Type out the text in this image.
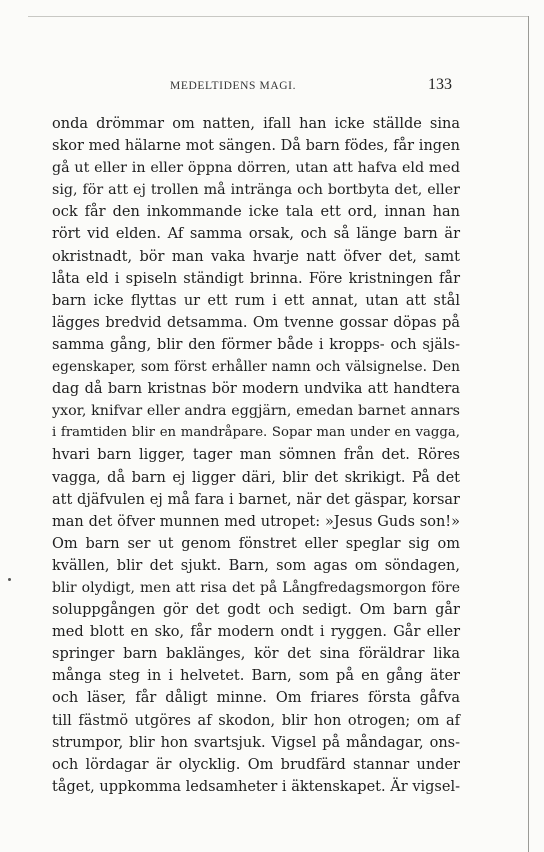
MEDELTIDENS MAGI.	133
onda drömmar om natten, ifall han icke ställde sina
skor med hälarne mot sängen. Då barn födes, får ingen
gå ut eller in eller öppna dörren, utan att hafva eld med
sig, för att ej trollen må intränga och bortbyta det, eller
ock får den inkommande icke tala ett ord, innan han
rört vid elden. Af samma orsak, och så länge barn är
okristnadt, bör man vaka hvarje natt öfver det, samt
låta eld i spiseln ständigt brinna. Före kristningen får
barn icke flyttas ur ett rum i ett annat, utan att stål
lägges bredvid detsamma. Om tvenne gossar döpas på
samma gång, blir den förmer både i kropps- och själs-
egenskaper, som först erhåller namn och välsignelse. Den
dag då barn kristnas bör modern undvika att handtera
yxor, knifvar eller andra eggjärn, emedan barnet annars
i framtiden blir en mandråpare. Sopar man under en vagga,
hvari barn ligger, tager man sömnen från det. Röres
vagga, då barn ej ligger däri, blir det skrikigt. På det
att djäfvulen ej må fara i barnet, när det gäspar, korsar
man det öfver munnen med utropet: »Jesus Guds son!»
Om barn ser ut genom fönstret eller speglar sig om
kvällen, blir det sjukt. Barn, som agas om söndagen,
blir olydigt, men att risa det på Långfredagsmorgon före
soluppgången gör det godt och sedigt. Om barn går
med blott en sko, får modern ondt i ryggen. Går eller
springer barn baklänges, kör det sina föräldrar lika
många steg in i helvetet. Barn, som på en gång äter
och läser, får dåligt minne. Om friares första gåfva
till fästmö utgöres af skodon, blir hon otrogen; om af
strumpor, blir hon svartsjuk. Vigsel på måndagar, ons-
och lördagar är olycklig. Om brudfärd stannar under
tåget, uppkomma ledsamheter i äktenskapet. Är vigsel-
